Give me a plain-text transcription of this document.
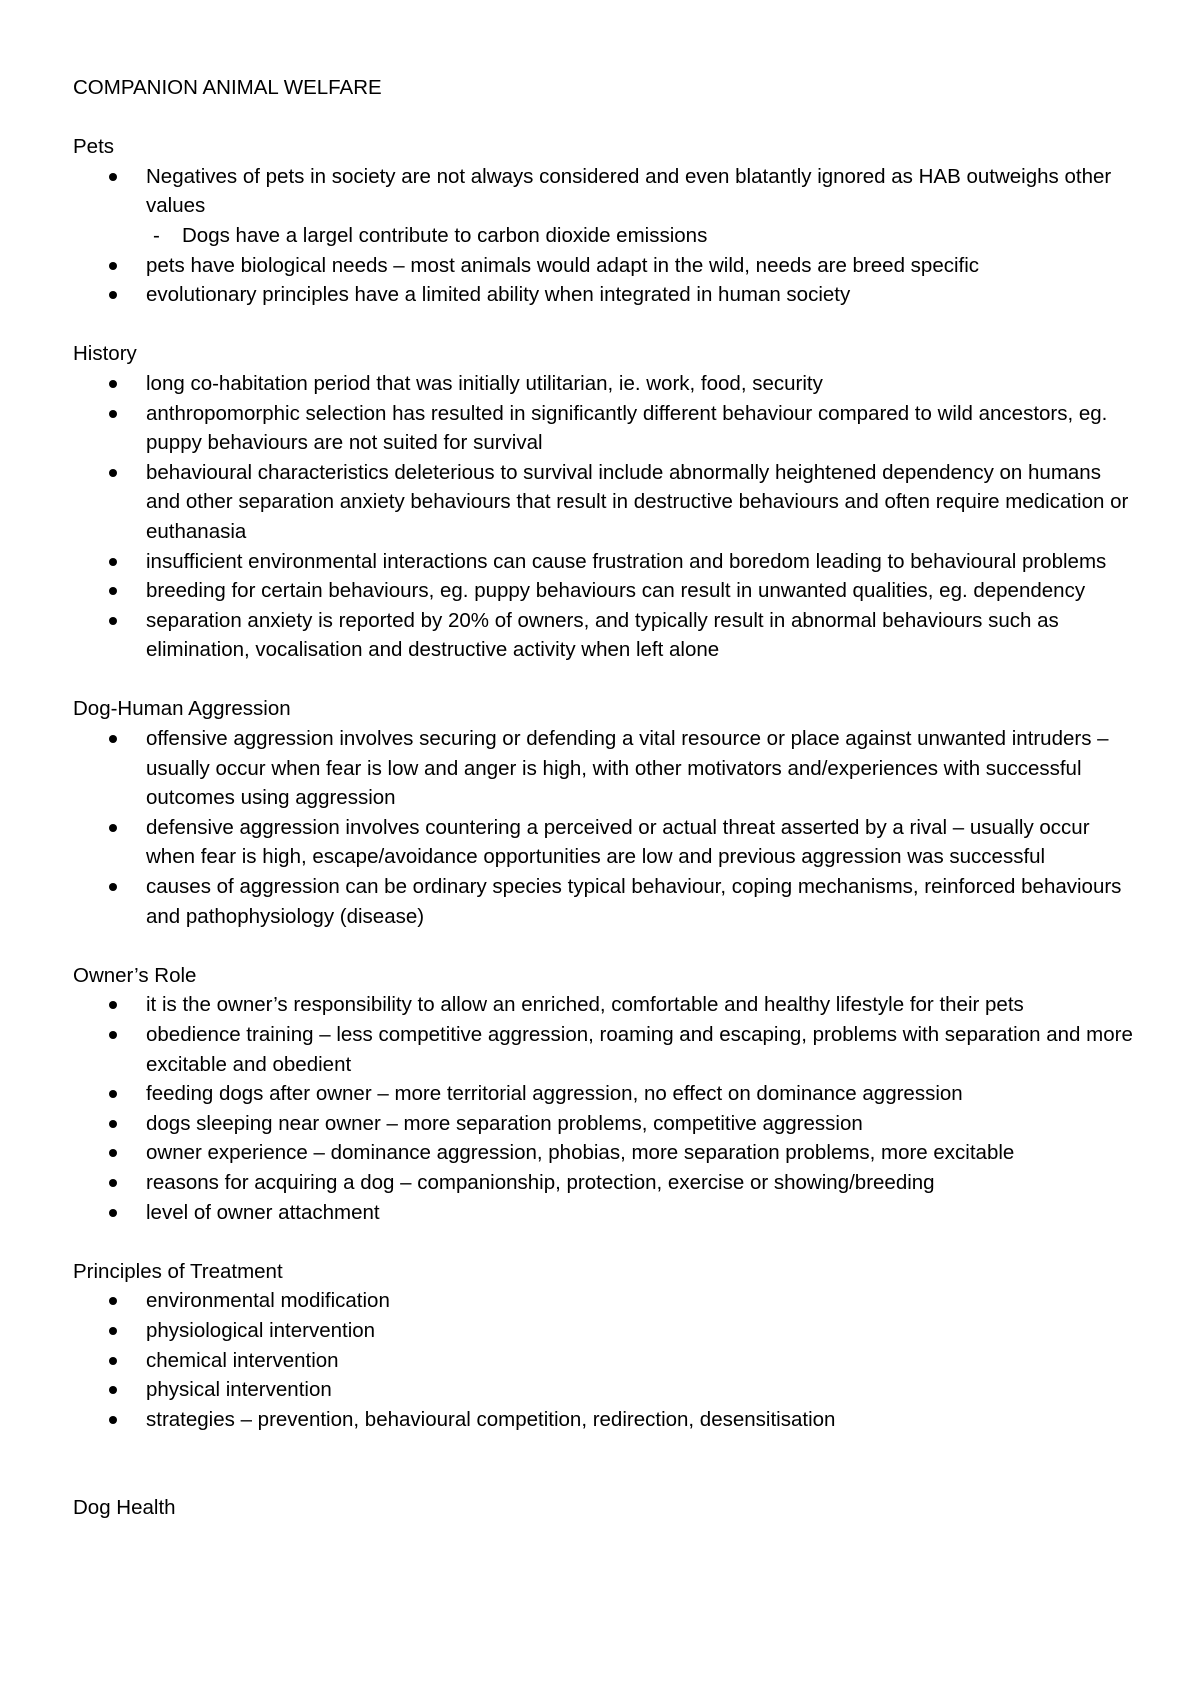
COMPANION ANIMAL WELFARE
Pets
Negatives of pets in society are not always considered and even blatantly ignored as HAB outweighs other values
- Dogs have a largel contribute to carbon dioxide emissions
pets have biological needs – most animals would adapt in the wild, needs are breed specific
evolutionary principles have a limited ability when integrated in human society
History
long co-habitation period that was initially utilitarian, ie. work, food, security
anthropomorphic selection has resulted in significantly different behaviour compared to wild ancestors, eg. puppy behaviours are not suited for survival
behavioural characteristics deleterious to survival include abnormally heightened dependency on humans and other separation anxiety behaviours that result in destructive behaviours and often require medication or euthanasia
insufficient environmental interactions can cause frustration and boredom leading to behavioural problems
breeding for certain behaviours, eg. puppy behaviours can result in unwanted qualities, eg. dependency
separation anxiety is reported by 20% of owners, and typically result in abnormal behaviours such as elimination, vocalisation and destructive activity when left alone
Dog-Human Aggression
offensive aggression involves securing or defending a vital resource or place against unwanted intruders – usually occur when fear is low and anger is high, with other motivators and/experiences with successful outcomes using aggression
defensive aggression involves countering a perceived or actual threat asserted by a rival – usually occur when fear is high, escape/avoidance opportunities are low and previous aggression was successful
causes of aggression can be ordinary species typical behaviour, coping mechanisms, reinforced behaviours and pathophysiology (disease)
Owner’s Role
it is the owner’s responsibility to allow an enriched, comfortable and healthy lifestyle for their pets
obedience training – less competitive aggression, roaming and escaping, problems with separation and more excitable and obedient
feeding dogs after owner – more territorial aggression, no effect on dominance aggression
dogs sleeping near owner – more separation problems, competitive aggression
owner experience – dominance aggression, phobias, more separation problems, more excitable
reasons for acquiring a dog – companionship, protection, exercise or showing/breeding
level of owner attachment
Principles of Treatment
environmental modification
physiological intervention
chemical intervention
physical intervention
strategies – prevention, behavioural competition, redirection, desensitisation
Dog Health
